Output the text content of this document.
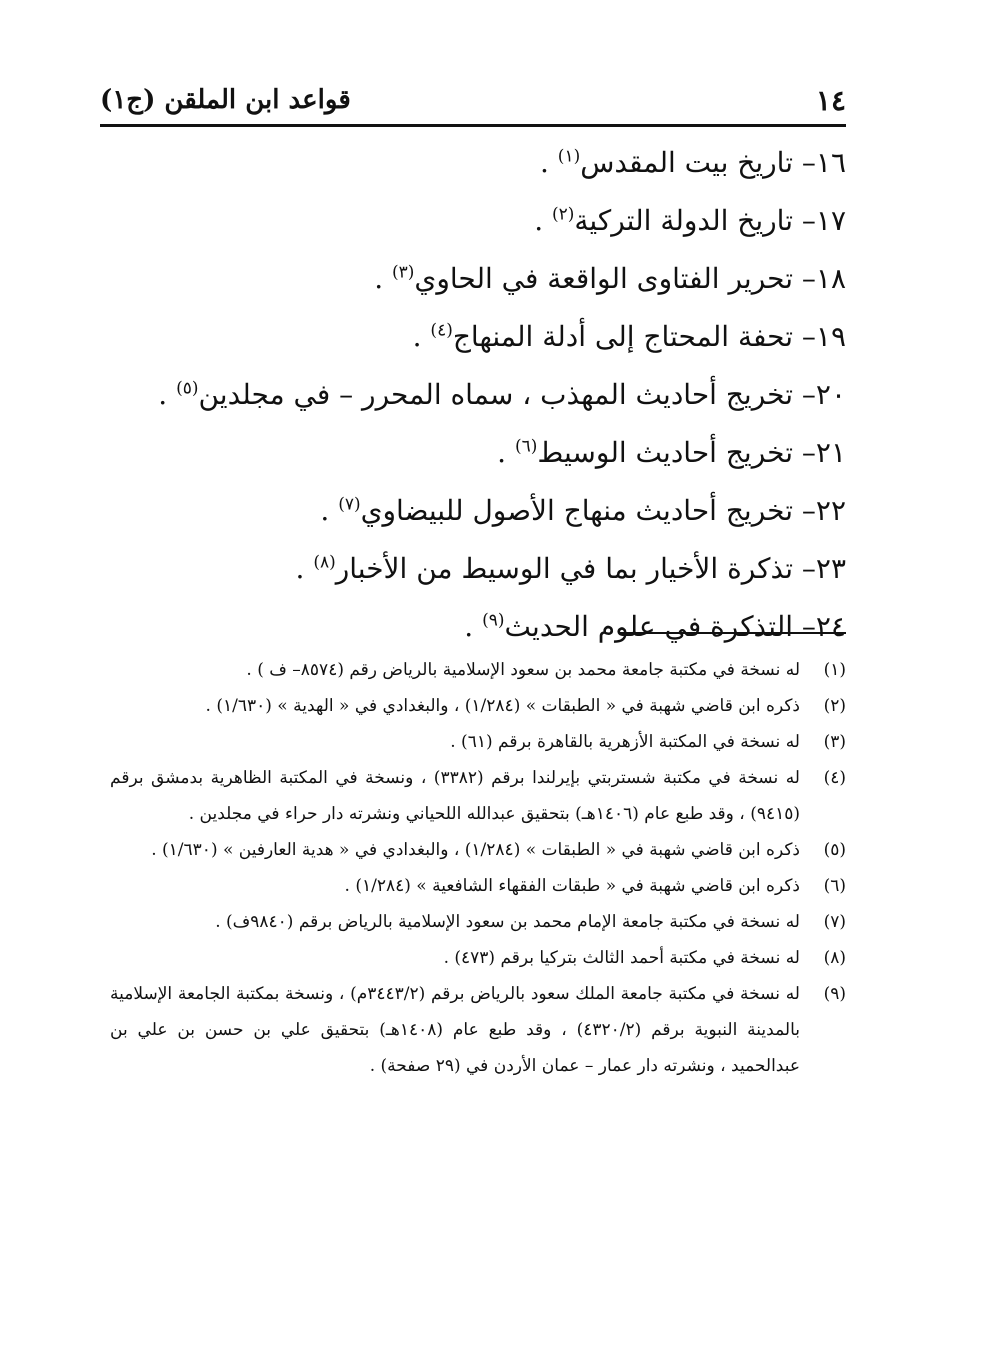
١٤
قواعد ابن الملقن (ج١)
١٦– تاريخ بيت المقدس$^{(١)}$ .
١٧– تاريخ الدولة التركية$^{(٢)}$ .
١٨– تحرير الفتاوى الواقعة في الحاوي$^{(٣)}$ .
١٩– تحفة المحتاج إلى أدلة المنهاج$^{(٤)}$ .
٢٠– تخريج أحاديث المهذب ، سماه المحرر – في مجلدين$^{(٥)}$ .
٢١– تخريج أحاديث الوسيط$^{(٦)}$ .
٢٢– تخريج أحاديث منهاج الأصول للبيضاوي$^{(٧)}$ .
٢٣– تذكرة الأخيار بما في الوسيط من الأخبار$^{(٨)}$ .
٢٤– التذكرة في علوم الحديث$^{(٩)}$ .
(١)
له نسخة في مكتبة جامعة محمد بن سعود الإسلامية بالرياض رقم (٨٥٧٤– ف ) .
(٢)
ذكره ابن قاضي شهبة في « الطبقات » (١/٢٨٤) ، والبغدادي في « الهدية » (١/٦٣٠) .
(٣)
له نسخة في المكتبة الأزهرية بالقاهرة برقم (٦١) .
(٤)
له نسخة في مكتبة شستربتي بإيرلندا برقم (٣٣٨٢) ، ونسخة في المكتبة الظاهرية بدمشق برقم (٩٤١٥) ، وقد طبع عام (١٤٠٦هـ) بتحقيق عبدالله اللحياني ونشرته دار حراء في مجلدين .
(٥)
ذكره ابن قاضي شهبة في « الطبقات » (١/٢٨٤) ، والبغدادي في « هدية العارفين » (١/٦٣٠) .
(٦)
ذكره ابن قاضي شهبة في « طبقات الفقهاء الشافعية » (١/٢٨٤) .
(٧)
له نسخة في مكتبة جامعة الإمام محمد بن سعود الإسلامية بالرياض برقم (٩٨٤٠ف) .
(٨)
له نسخة في مكتبة أحمد الثالث بتركيا برقم (٤٧٣) .
(٩)
له نسخة في مكتبة جامعة الملك سعود بالرياض برقم (٣٤٤٣/٢م) ، ونسخة بمكتبة الجامعة الإسلامية بالمدينة النبوية برقم (٤٣٢٠/٢) ، وقد طبع عام (١٤٠٨هـ) بتحقيق علي بن حسن بن علي بن عبدالحميد ، ونشرته دار عمار – عمان الأردن في (٢٩ صفحة) .
